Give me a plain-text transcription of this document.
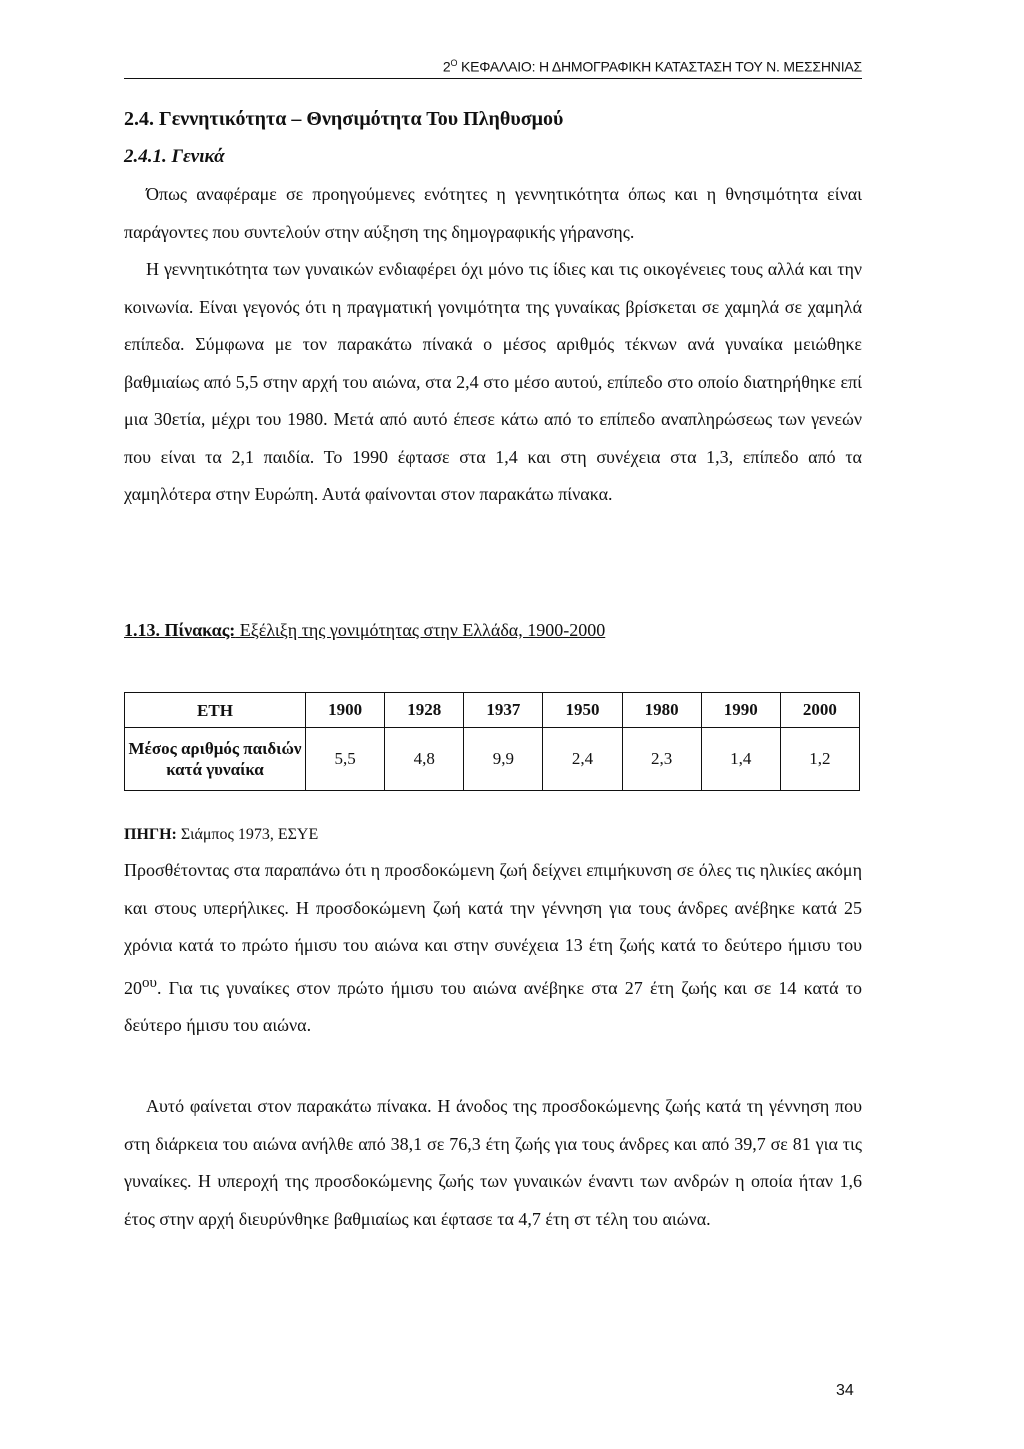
$2^O$ ΚΕΦΑΛΑΙΟ: Η ΔΗΜΟΓΡΑΦΙΚΗ ΚΑΤΑΣΤΑΣΗ ΤΟΥ Ν. ΜΕΣΣΗΝΙΑΣ
2.4. Γεννητικότητα – Θνησιμότητα Του Πληθυσμού
2.4.1. Γενικά

Όπως αναφέραμε σε προηγούμενες ενότητες η γεννητικότητα όπως και η θνησιμότητα είναι παράγοντες που συντελούν στην αύξηση της δημογραφικής γήρανσης.

Η γεννητικότητα των γυναικών ενδιαφέρει όχι μόνο τις ίδιες και τις οικογένειες τους αλλά και την κοινωνία. Είναι γεγονός ότι η πραγματική γονιμότητα της γυναίκας βρίσκεται σε χαμηλά σε χαμηλά επίπεδα. Σύμφωνα με τον παρακάτω πίνακά ο μέσος αριθμός τέκνων ανά γυναίκα μειώθηκε βαθμιαίως από 5,5 στην αρχή του αιώνα, στα 2,4 στο μέσο αυτού, επίπεδο στο οποίο διατηρήθηκε επί μια 30ετία, μέχρι του 1980. Μετά από αυτό έπεσε κάτω από το επίπεδο αναπληρώσεως των γενεών που είναι τα 2,1 παιδία. Το 1990 έφτασε στα 1,4 και στη συνέχεια στα 1,3, επίπεδο από τα χαμηλότερα στην Ευρώπη. Αυτά φαίνονται στον παρακάτω πίνακα.

1.13. Πίνακας: Εξέλιξη της γονιμότητας στην Ελλάδα, 1900-2000

ΕΤΗ	1900	1928	1937	1950	1980	1990	2000
Μέσος αριθμός παιδιών κατά γυναίκα	5,5	4,8	9,9	2,4	2,3	1,4	1,2

ΠΗΓΗ: Σιάμπος 1973, ΕΣΥΕ

Προσθέτοντας στα παραπάνω ότι η προσδοκώμενη ζωή δείχνει επιμήκυνση σε όλες τις ηλικίες ακόμη και στους υπερήλικες. Η προσδοκώμενη ζωή κατά την γέννηση για τους άνδρες ανέβηκε κατά 25 χρόνια κατά το πρώτο ήμισυ του αιώνα και στην συνέχεια 13 έτη ζωής κατά το δεύτερο ήμισυ του $20^{o\upsilon}$. Για τις γυναίκες στον πρώτο ήμισυ του αιώνα ανέβηκε στα 27 έτη ζωής και σε 14 κατά το δεύτερο ήμισυ του αιώνα.

Αυτό φαίνεται στον παρακάτω πίνακα. Η άνοδος της προσδοκώμενης ζωής κατά τη γέννηση που στη διάρκεια του αιώνα ανήλθε από 38,1 σε 76,3 έτη ζωής για τους άνδρες και από 39,7 σε 81 για τις γυναίκες. Η υπεροχή της προσδοκώμενης ζωής των γυναικών έναντι των ανδρών η οποία ήταν 1,6 έτος στην αρχή διευρύνθηκε βαθμιαίως και έφτασε τα 4,7 έτη στ τέλη του αιώνα.

34
